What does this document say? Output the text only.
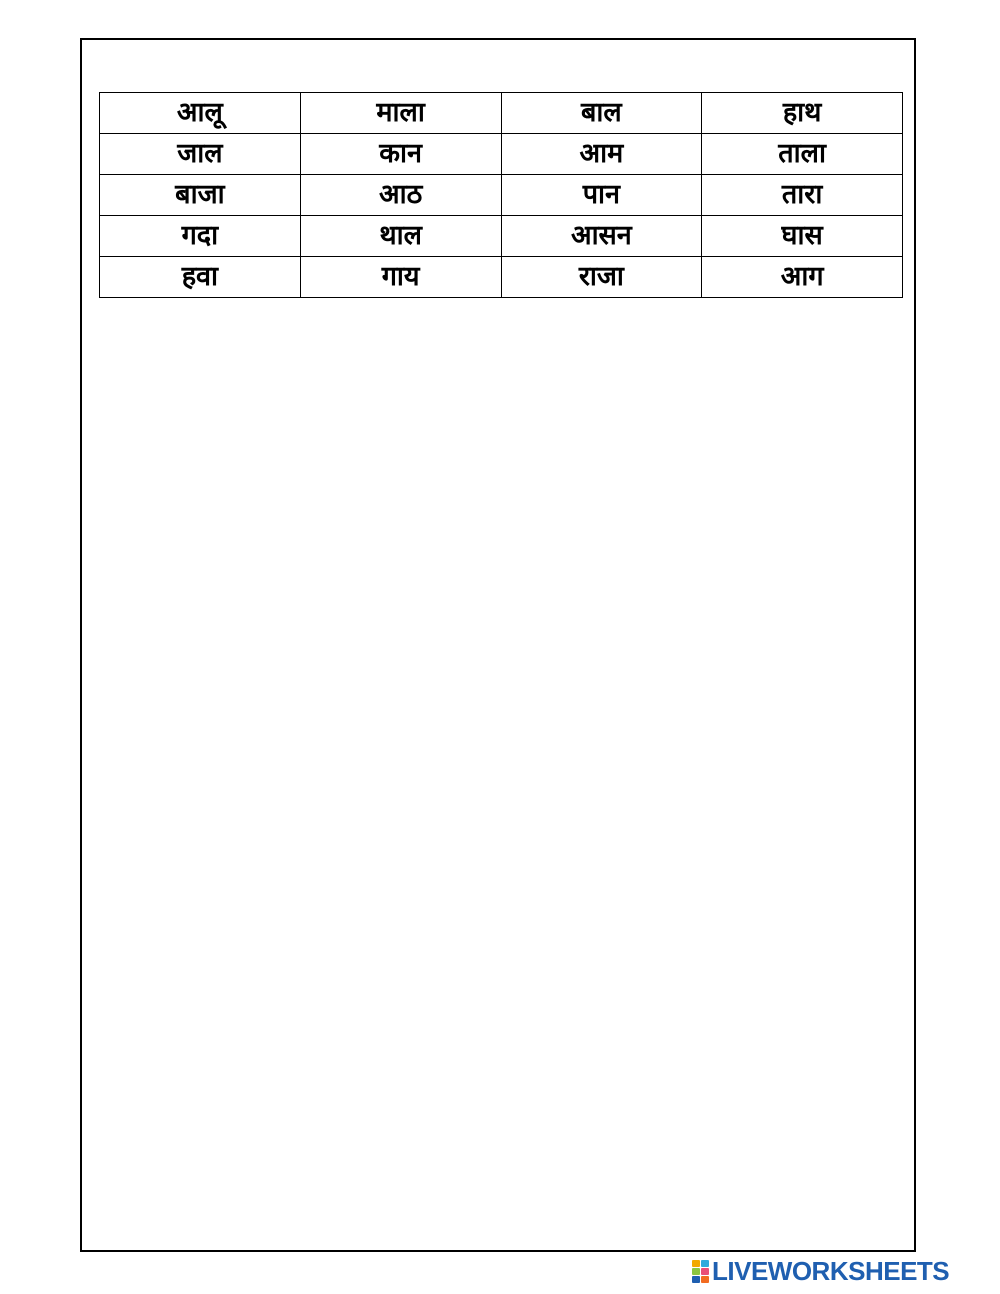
आलू	माला	बाल	हाथ
जाल	कान	आम	ताला
बाजा	आठ	पान	तारा
गदा	थाल	आसन	घास
हवा	गाय	राजा	आग
LIVEWORKSHEETS
